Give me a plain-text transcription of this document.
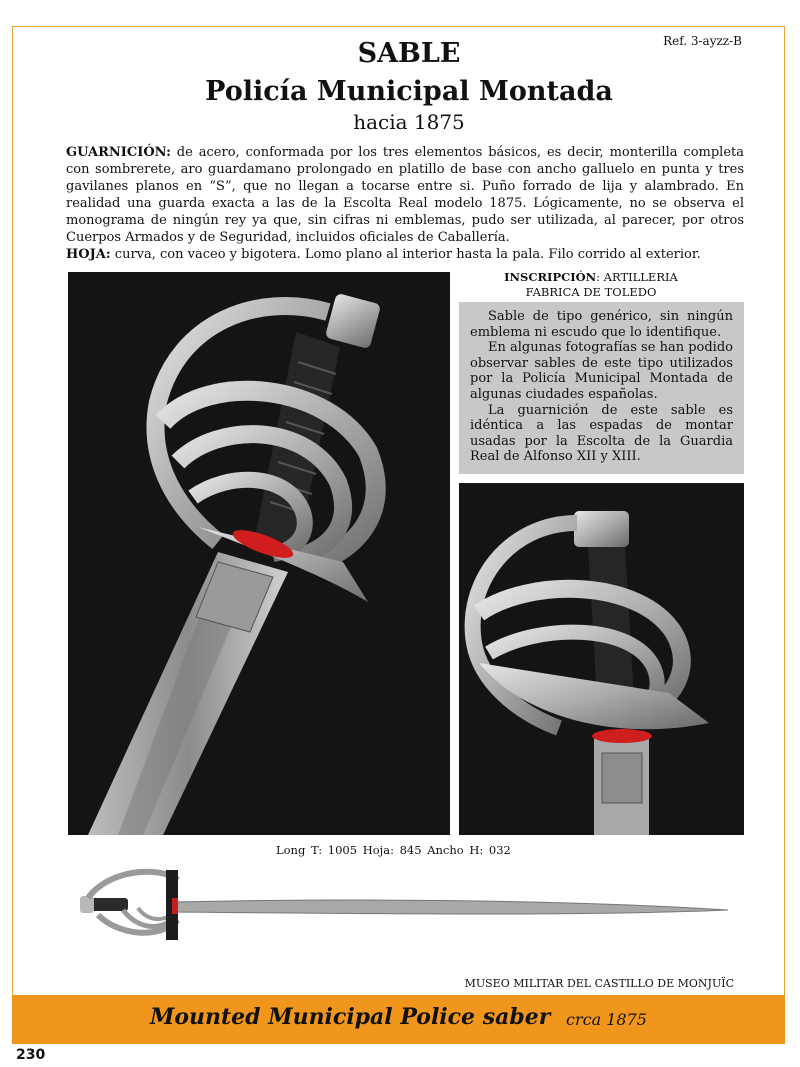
Ref. 3-ayzz-B
SABLE
Policía Municipal Montada
hacia 1875

GUARNICIÓN: de acero, conformada por los tres elementos básicos, es decir, monterilla completa con sombrerete, aro guardamano prolongado en platillo de base con ancho galluelo en punta y tres gavilanes planos en “S”, que no llegan a tocarse entre si. Puño forrado de lija y alambrado. En realidad una guarda exacta a las de la Escolta Real modelo 1875. Lógicamente, no se observa el monograma de ningún rey ya que, sin cifras ni emblemas, pudo ser utilizada, al parecer, por otros Cuerpos Armados y de Seguridad, incluidos oficiales de Caballería.

HOJA: curva, con vaceo y bigotera. Lomo plano al interior hasta la pala. Filo corrido al exterior.

INSCRIPCIÓN: ARTILLERIA
FABRICA DE TOLEDO

Sable de tipo genérico, sin ningún emblema ni escudo que lo identifique.

En algunas fotografías se han podido observar sables de este tipo utilizados por la Policía Municipal Montada de algunas ciudades españolas.

La guarnición de este sable es idéntica a las espadas de montar usadas por la Escolta de la Guardia Real de Alfonso XII y XIII.

Long T: 1005 Hoja: 845 Ancho H: 032
MUSEO MILITAR DEL CASTILLO DE MONJUÏC
Mounted Municipal Police saber crca 1875
230
